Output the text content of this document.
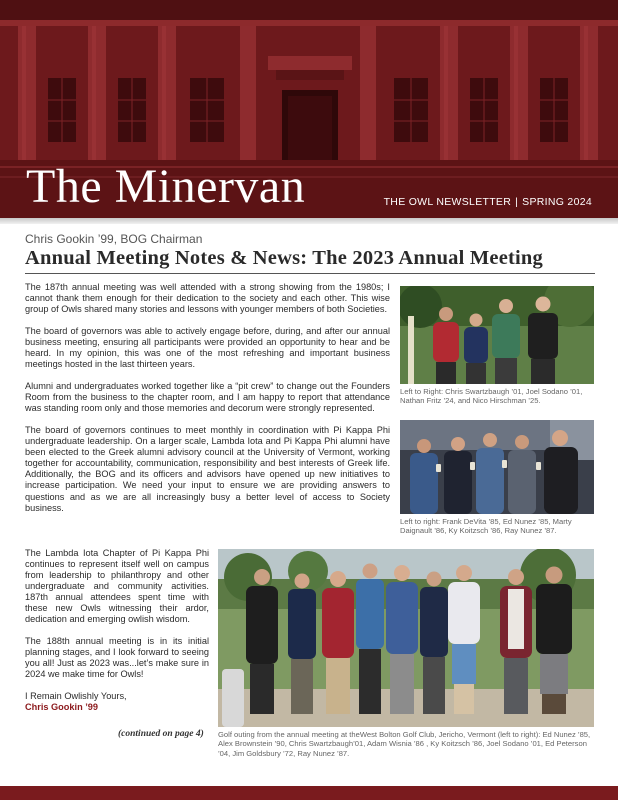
The Minervan	THE OWL NEWSLETTER | SPRING 2024
Chris Gookin ’99, BOG Chairman
Annual Meeting Notes & News: The 2023 Annual Meeting

The 187th annual meeting was well attended with a strong showing from the 1980s; I cannot thank them enough for their dedication to the society and each other. This wise group of Owls shared many stories and lessons with younger members of both Societies.

The board of governors was able to actively engage before, during, and after our annual business meeting, ensuring all participants were provided an opportunity to hear and be heard. In my opinion, this was one of the most refreshing and important business meetings hosted in the last thirteen years.

Alumni and undergraduates worked together like a “pit crew” to change out the Founders Room from the business to the chapter room, and I am happy to report that attendance was standing room only and those memories and decorum were strongly represented.

The board of governors continues to meet monthly in coordination with Pi Kappa Phi undergraduate leadership. On a larger scale, Lambda Iota and Pi Kappa Phi alumni have been elected to the Greek alumni advisory council at the University of Vermont, working together for accountability, communication, responsibility and best interests of Greek life. Additionally, the BOG and its officers and advisors have opened up new initiatives to increase participation. We need your input to ensure we are providing answers to questions and as we are all increasingly busy a better level of access to Society business.

The Lambda Iota Chapter of Pi Kappa Phi continues to represent itself well on campus from leadership to philanthropy and other undergraduate and community activities. 187th annual attendees spent time with these new Owls witnessing their ardor, dedication and emerging owlish wisdom.

The 188th annual meeting is in its initial planning stages, and I look forward to seeing you all! Just as 2023 was...let’s make sure in 2024 we make time for Owls!

I Remain Owlishly Yours,
Chris Gookin ’99
(continued on page 4)
Left to Right: Chris Swartzbaugh ’01, Joel Sodano ’01, Nathan Fritz ’24, and Nico Hirschman ’25.
Left to right: Frank DeVita ’85, Ed Nunez ’85, Marty Daignault ’86, Ky Koitzsch ’86, Ray Nunez ’87.
Golf outing from the annual meeting at theWest Bolton Golf Club, Jericho, Vermont (left to right): Ed Nunez ’85, Alex Brownstein ’90, Chris Swartzbaugh’01, Adam Wisnia ’86 , Ky Koitzsch ’86, Joel Sodano ’01, Ed Peterson ’04, Jim Goldsbury ’72, Ray Nunez ’87.
